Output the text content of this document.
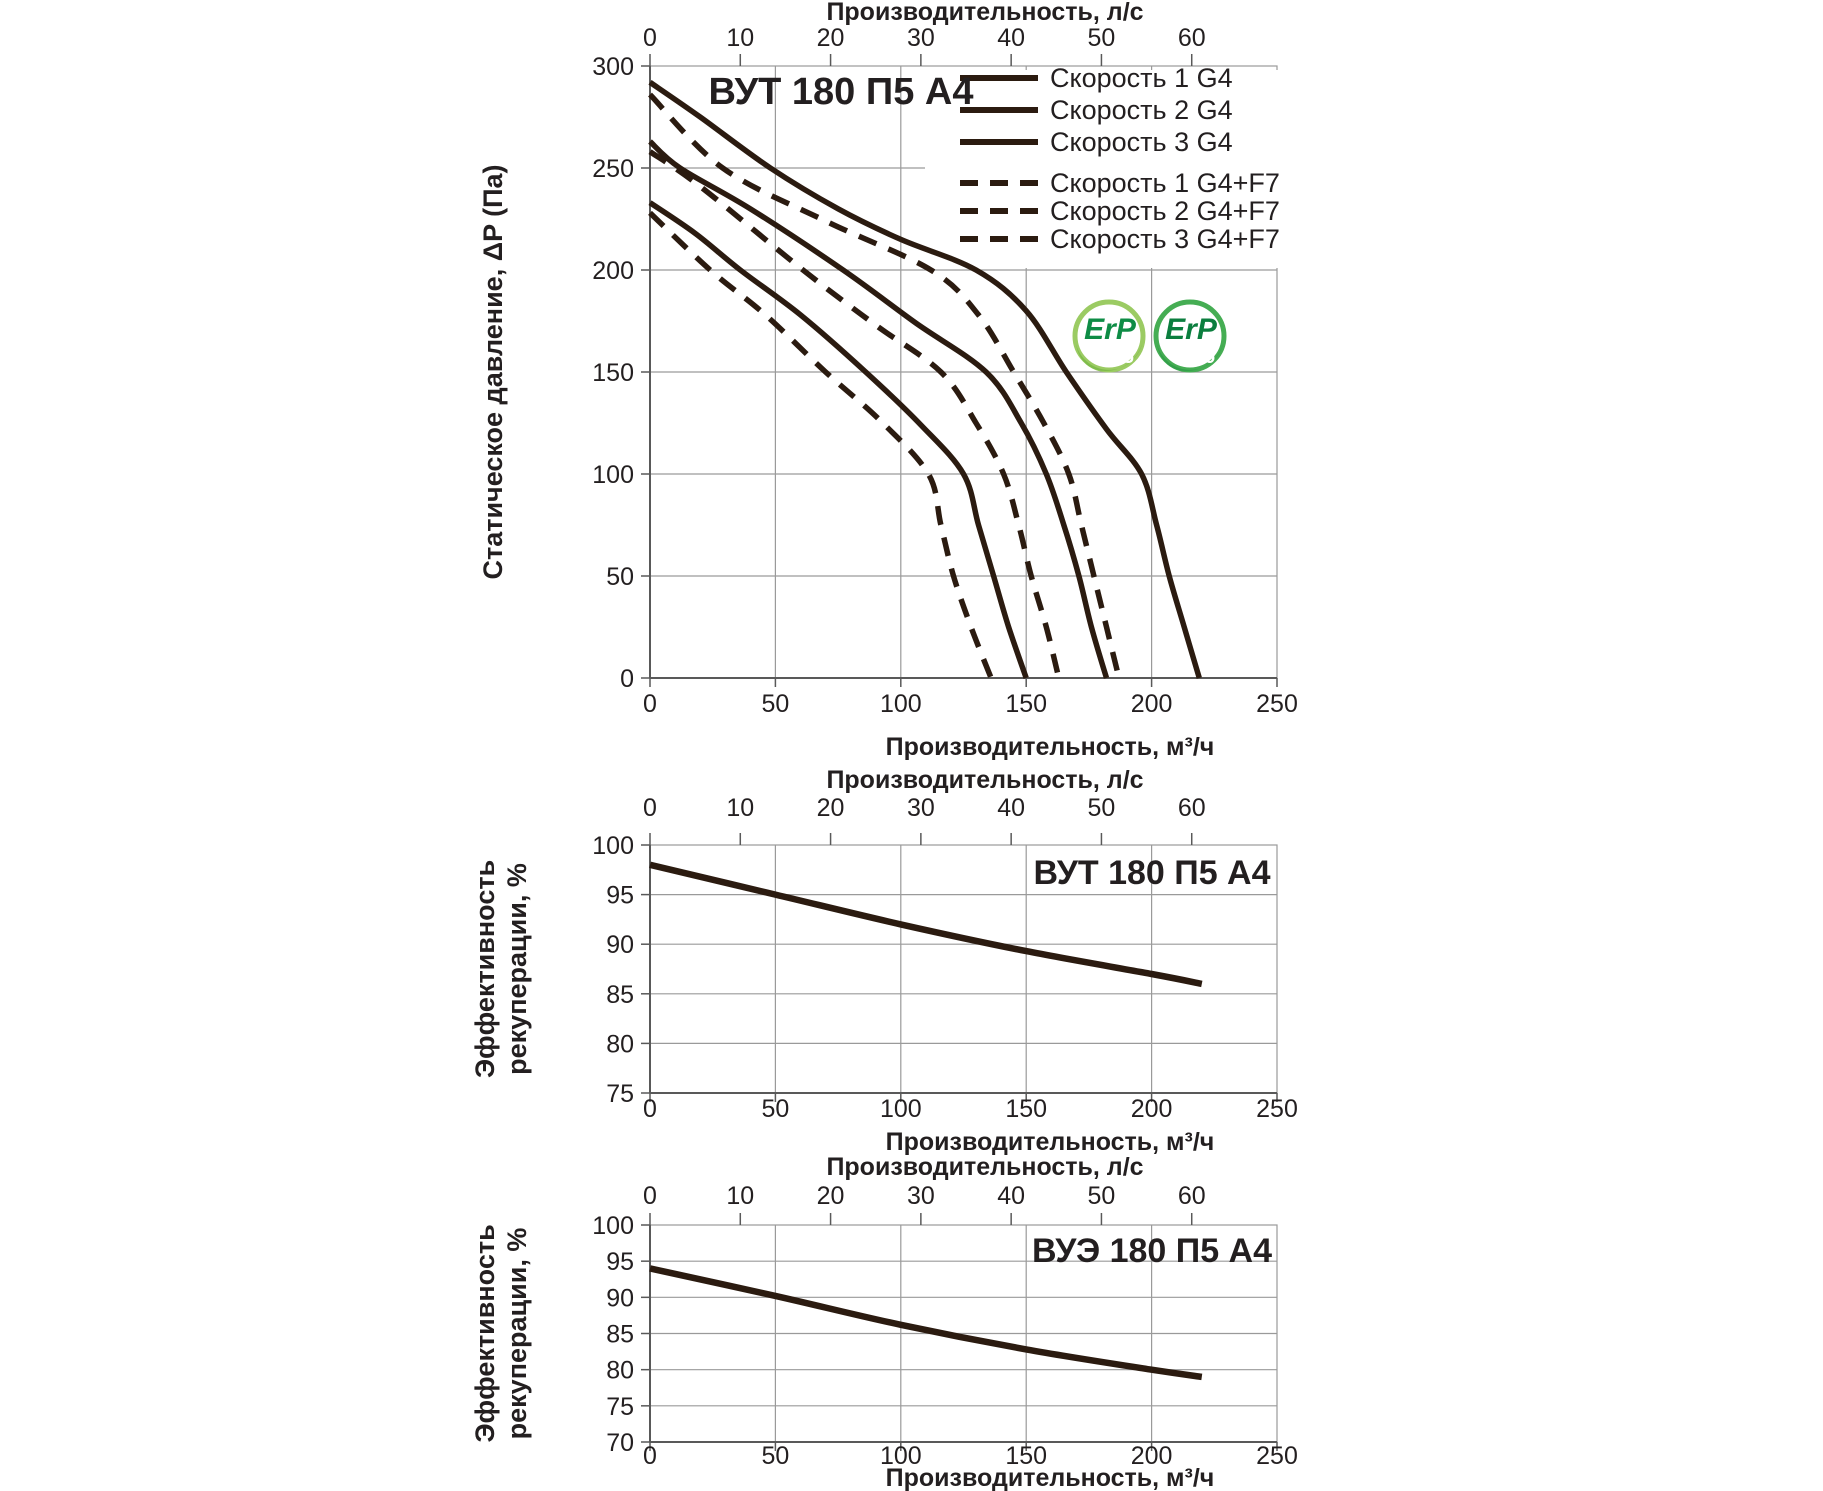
0
50
100
150
200
250
300
0	50	100	150	200	250
Производительность, м³/ч
0	10 20 30 40 50 60
Производительность, л/с
Статическое давление, ΔP (Па)
Скорость 1 G4
Скорость 2 G4
Скорость 3 G4
Скорость 1 G4+F7
Скорость 2 G4+F7
Скорость 3 G4+F7
ВУТ 180 П5 А4
ErP
2015
ErP
2016
75
80
85
90
95
100
0	50	100	150	200	250
Производительность, м³/ч
0	10 20 30 40 50 60
Производительность, л/с
Эффективность рекуперации, %	ВУТ 180 П5 А4
70
75
80
85
90
95
100
0	50	100	150	200	250
Производительность, м³/ч
0	10 20 30 40 50 60
Производительность, л/с
Эффективность рекуперации, %	ВУЭ 180 П5 А4
